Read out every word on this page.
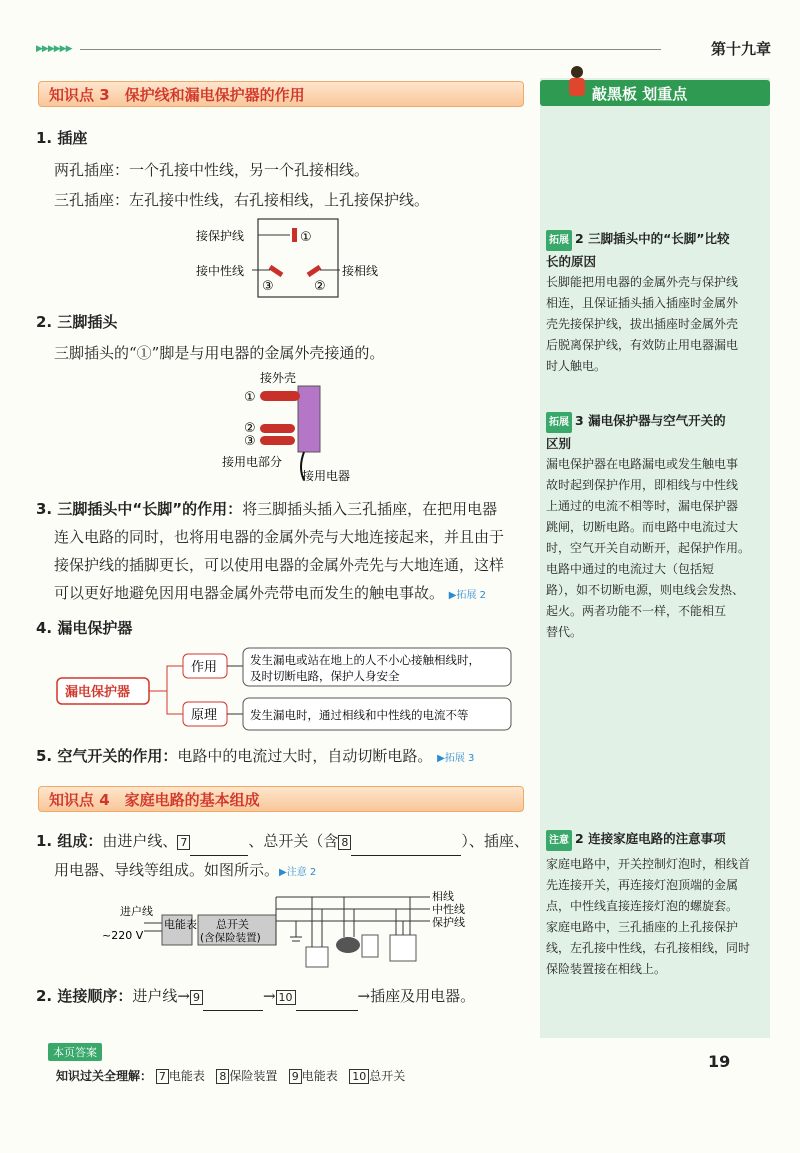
▶▶▶▶▶▶	第十九章
敲黑板 划重点
知识点 3　保护线和漏电保护器的作用
1. 插座
两孔插座：一个孔接中性线，另一个孔接相线。
三孔插座：左孔接中性线，右孔接相线，上孔接保护线。
接保护线	①
接中性线
③
接相线
②
2. 三脚插头
三脚插头的“①”脚是与用电器的金属外壳接通的。
接外壳
①
②
③
接用电部分
接用电器
3. 三脚插头中“长脚”的作用：将三脚插头插入三孔插座，在把用电器
连入电路的同时，也将用电器的金属外壳与大地连接起来，并且由于
接保护线的插脚更长，可以使用电器的金属外壳先与大地连通，这样
可以更好地避免因用电器金属外壳带电而发生的触电事故。 ▶拓展 2
4. 漏电保护器
漏电保护器
作用
原理
发生漏电或站在地上的人不小心接触相线时，
及时切断电路，保护人身安全
发生漏电时，通过相线和中性线的电流不等
5. 空气开关的作用：电路中的电流过大时，自动切断电路。 ▶拓展 3
知识点 4　家庭电路的基本组成
1. 组成：由进户线、 7	、总开关（含 8	）、插座、
用电器、导线等组成。如图所示。▶注意 2
进户线
~220 V
电能表 总开关
(含保险装置)
相线
中性线
保护线
2. 连接顺序：进户线→ 9	→ 10	→插座及用电器。
拓展 2 三脚插头中的“长脚”比较
长的原因
长脚能把用电器的金属外壳与保护线
相连，且保证插头插入插座时金属外
壳先接保护线，拔出插座时金属外壳
后脱离保护线，有效防止用电器漏电
时人触电。
拓展 3 漏电保护器与空气开关的
区别
漏电保护器在电路漏电或发生触电事
故时起到保护作用，即相线与中性线
上通过的电流不相等时，漏电保护器
跳闸，切断电路。而电路中电流过大
时，空气开关自动断开，起保护作用。
电路中通过的电流过大（包括短
路），如不切断电源，则电线会发热、
起火。两者功能不一样，不能相互
替代。
注意 2 连接家庭电路的注意事项
家庭电路中，开关控制灯泡时，相线首
先连接开关，再连接灯泡顶端的金属
点，中性线直接连接灯泡的螺旋套。
家庭电路中，三孔插座的上孔接保护
线，左孔接中性线，右孔接相线，同时
保险装置接在相线上。
本页答案
知识过关全理解： 7 电能表 8 保险装置 9 电能表 10 总开关
19
